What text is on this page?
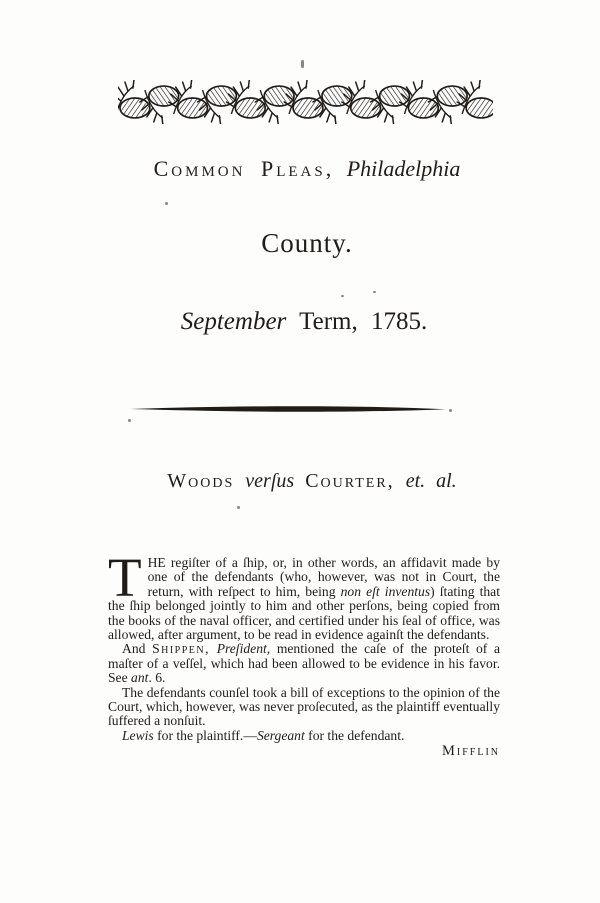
Common Pleas, Philadelphia
County.
September Term, 1785.
Woods verſus Courter, et. al.

THE regiſter of a ſhip, or, in other words, an affidavit made by one of the defendants (who, however, was not in Court, the return, with reſpect to him, being non eſt inventus) ſtating that the ſhip belonged jointly to him and other perſons, being copied from the books of the naval officer, and certified under his ſeal of office, was allowed, after argument, to be read in evidence againſt the defendants.

And Shippen, Preſident, mentioned the caſe of the proteſt of a maſter of a veſſel, which had been allowed to be evidence in his favor. See ant. 6.

The defendants counſel took a bill of exceptions to the opinion of the Court, which, however, was never proſecuted, as the plaintiff eventually ſuffered a nonſuit.

Lewis for the plaintiff.—Sergeant for the defendant.

Mifflin
